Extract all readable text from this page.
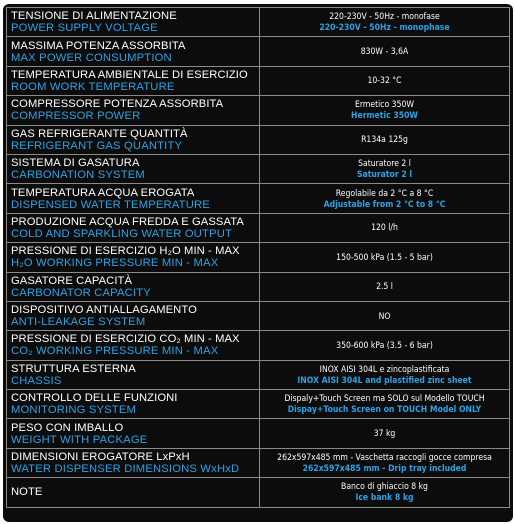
TENSIONE DI ALIMENTAZIONE
POWER SUPPLY VOLTAGE	220-230V - 50Hz - monofase
220-230V - 50Hz - monophase

MASSIMA POTENZA ASSORBITA
MAX POWER CONSUMPTION	830W - 3,6A

TEMPERATURA AMBIENTALE DI ESERCIZIO
ROOM WORK TEMPERATURE	10-32 °C

COMPRESSORE POTENZA ASSORBITA
COMPRESSOR POWER	Ermetico 350W
Hermetic 350W

GAS REFRIGERANTE QUANTITÀ
REFRIGERANT GAS QUANTITY	R134a 125g

SISTEMA DI GASATURA
CARBONATION SYSTEM	Saturatore 2 l
Saturator 2 l

TEMPERATURA ACQUA EROGATA
DISPENSED WATER TEMPERATURE	Regolabile da 2 °C a 8 °C
Adjustable from 2 °C to 8 °C

PRODUZIONE ACQUA FREDDA E GASSATA
COLD AND SPARKLING WATER OUTPUT	120 l/h

PRESSIONE DI ESERCIZIO H₂O MIN - MAX
H₂O WORKING PRESSURE MIN - MAX	150-500 kPa (1.5 - 5 bar)

GASATORE CAPACITÀ
CARBONATOR CAPACITY	2.5 l

DISPOSITIVO ANTIALLAGAMENTO
ANTI-LEAKAGE SYSTEM	NO

PRESSIONE DI ESERCIZIO CO₂ MIN - MAX
CO₂ WORKING PRESSURE MIN - MAX	350-600 kPa (3.5 - 6 bar)

STRUTTURA ESTERNA
CHASSIS	INOX AISI 304L e zincoplastificata
INOX AISI 304L and plastified zinc sheet

CONTROLLO DELLE FUNZIONI
MONITORING SYSTEM	Dispaly+Touch Screen ma SOLO sul Modello TOUCH
Dispay+Touch Screen on TOUCH Model ONLY

PESO CON IMBALLO
WEIGHT WITH PACKAGE	37 kg

DIMENSIONI EROGATORE LxPxH
WATER DISPENSER DIMENSIONS WxHxD	262x597x485 mm - Vaschetta raccogli gocce compresa
262x597x485 mm - Drip tray included

NOTE	Banco di ghiaccio 8 kg
Ice bank 8 kg
